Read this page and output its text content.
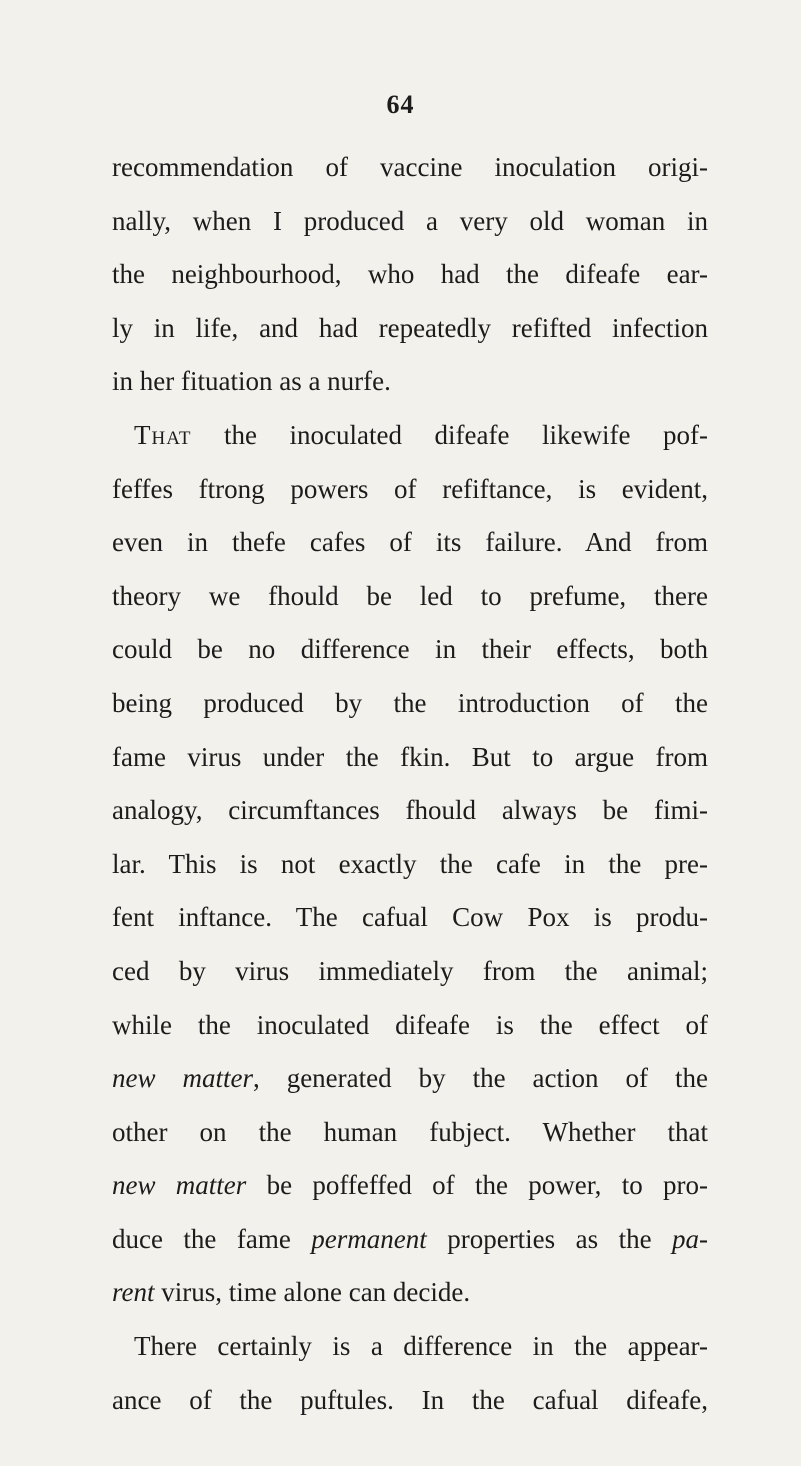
64
recommendation of vaccine inoculation origi-
nally, when I produced a very old woman in
the neighbourhood, who had the difeafe ear-
ly in life, and had repeatedly refifted infection
in her fituation as a nurfe.
That the inoculated difeafe likewife pof-
feffes ftrong powers of refiftance, is evident,
even in thefe cafes of its failure. And from
theory we fhould be led to prefume, there
could be no difference in their effects, both
being produced by the introduction of the
fame virus under the fkin. But to argue from
analogy, circumftances fhould always be fimi-
lar. This is not exactly the cafe in the pre-
fent inftance. The cafual Cow Pox is produ-
ced by virus immediately from the animal;
while the inoculated difeafe is the effect of
new matter, generated by the action of the
other on the human fubject. Whether that
new matter be poffeffed of the power, to pro-
duce the fame permanent properties as the pa-
rent virus, time alone can decide.
There certainly is a difference in the appear-
ance of the puftules. In the cafual difeafe,
